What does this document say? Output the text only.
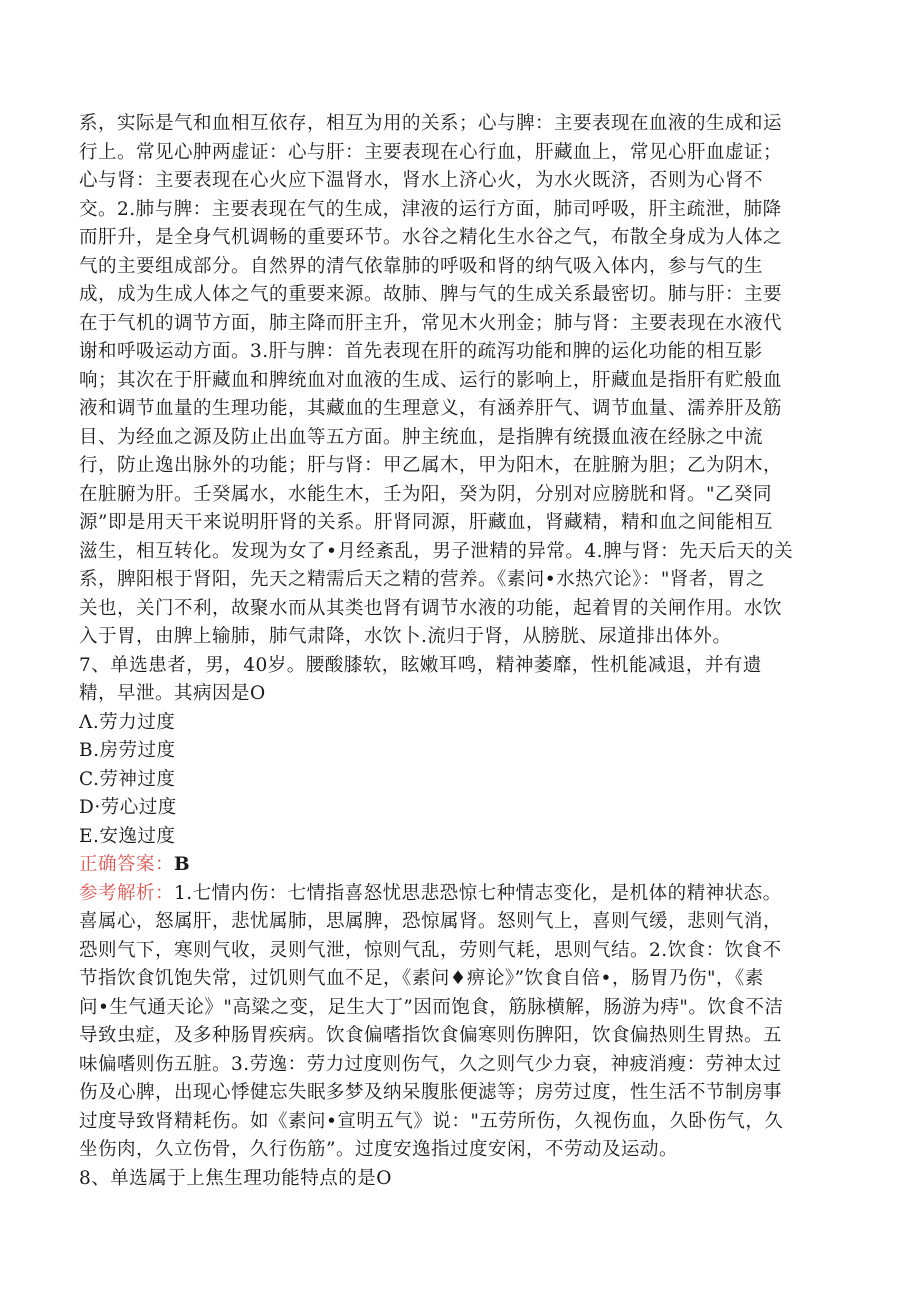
系，实际是气和血相互依存，相互为用的关系；心与脾：主要表现在血液的生成和运
行上。常见心肿两虚证：心与肝：主要表现在心行血，肝藏血上，常见心肝血虚证；
心与肾：主要表现在心火应下温肾水，肾水上济心火，为水火既济，否则为心肾不
交。2.肺与脾：主要表现在气的生成，津液的运行方面，肺司呼吸，肝主疏泄，肺降
而肝升，是全身气机调畅的重要环节。水谷之精化生水谷之气，布散全身成为人体之
气的主要组成部分。自然界的清气依靠肺的呼吸和肾的纳气吸入体内，参与气的生
成，成为生成人体之气的重要来源。故肺、脾与气的生成关系最密切。肺与肝：主要
在于气机的调节方面，肺主降而肝主升，常见木火刑金；肺与肾：主要表现在水液代
谢和呼吸运动方面。3.肝与脾：首先表现在肝的疏泻功能和脾的运化功能的相互影
响；其次在于肝藏血和脾统血对血液的生成、运行的影响上，肝藏血是指肝有贮般血
液和调节血量的生理功能，其藏血的生理意义，有涵养肝气、调节血量、濡养肝及筋
目、为经血之源及防止出血等五方面。肿主统血，是指脾有统摄血液在经脉之中流
行，防止逸出脉外的功能；肝与肾：甲乙属木，甲为阳木，在脏腑为胆；乙为阴木，
在脏腑为肝。壬癸属水，水能生木，壬为阳，癸为阴，分别对应膀胱和肾。"乙癸同
源”即是用天干来说明肝肾的关系。肝肾同源，肝藏血，肾藏精，精和血之间能相互
滋生，相互转化。发现为女了•月经紊乱，男子泄精的异常。4.脾与肾：先天后天的关
系，脾阳根于肾阳，先天之精需后天之精的营养。《素问•水热穴论》："肾者，胃之
关也，关门不利，故聚水而从其类也肾有调节水液的功能，起着胃的关闸作用。水饮
入于胃，由脾上输肺，肺气肃降，水饮卜.流归于肾，从膀胱、尿道排出体外。
7、单选患者，男，40岁。腰酸膝软，眩嫩耳鸣，精神萎靡，性机能减退，并有遗
精，早泄。其病因是O
Λ.劳力过度
B.房劳过度
C.劳神过度
D·劳心过度
E.安逸过度
正确答案：B
参考解析：1.七情内伤：七情指喜怒忧思悲恐惊七种情志变化，是机体的精神状态。
喜属心，怒属肝，悲忧属肺，思属脾，恐惊属肾。怒则气上，喜则气缓，悲则气消，
恐则气下，寒则气收，灵则气泄，惊则气乱，劳则气耗，思则气结。2.饮食：饮食不
节指饮食饥饱失常，过饥则气血不足，《素问♦痹论》”饮食自倍•，肠胃乃伤"，《素
问•生气通天论》"高粱之变，足生大丁”因而饱食，筋脉横解，肠游为痔"。饮食不洁
导致虫症，及多种肠胃疾病。饮食偏嗜指饮食偏寒则伤脾阳，饮食偏热则生胃热。五
味偏嗜则伤五脏。3.劳逸：劳力过度则伤气，久之则气少力衰，神疲消瘦：劳神太过
伤及心脾，出现心悸健忘失眠多梦及纳呆腹胀便滤等；房劳过度，性生活不节制房事
过度导致肾精耗伤。如《素问•宣明五气》说："五劳所伤，久视伤血，久卧伤气，久
坐伤肉，久立伤骨，久行伤筋”。过度安逸指过度安闲，不劳动及运动。
8、单选属于上焦生理功能特点的是O
